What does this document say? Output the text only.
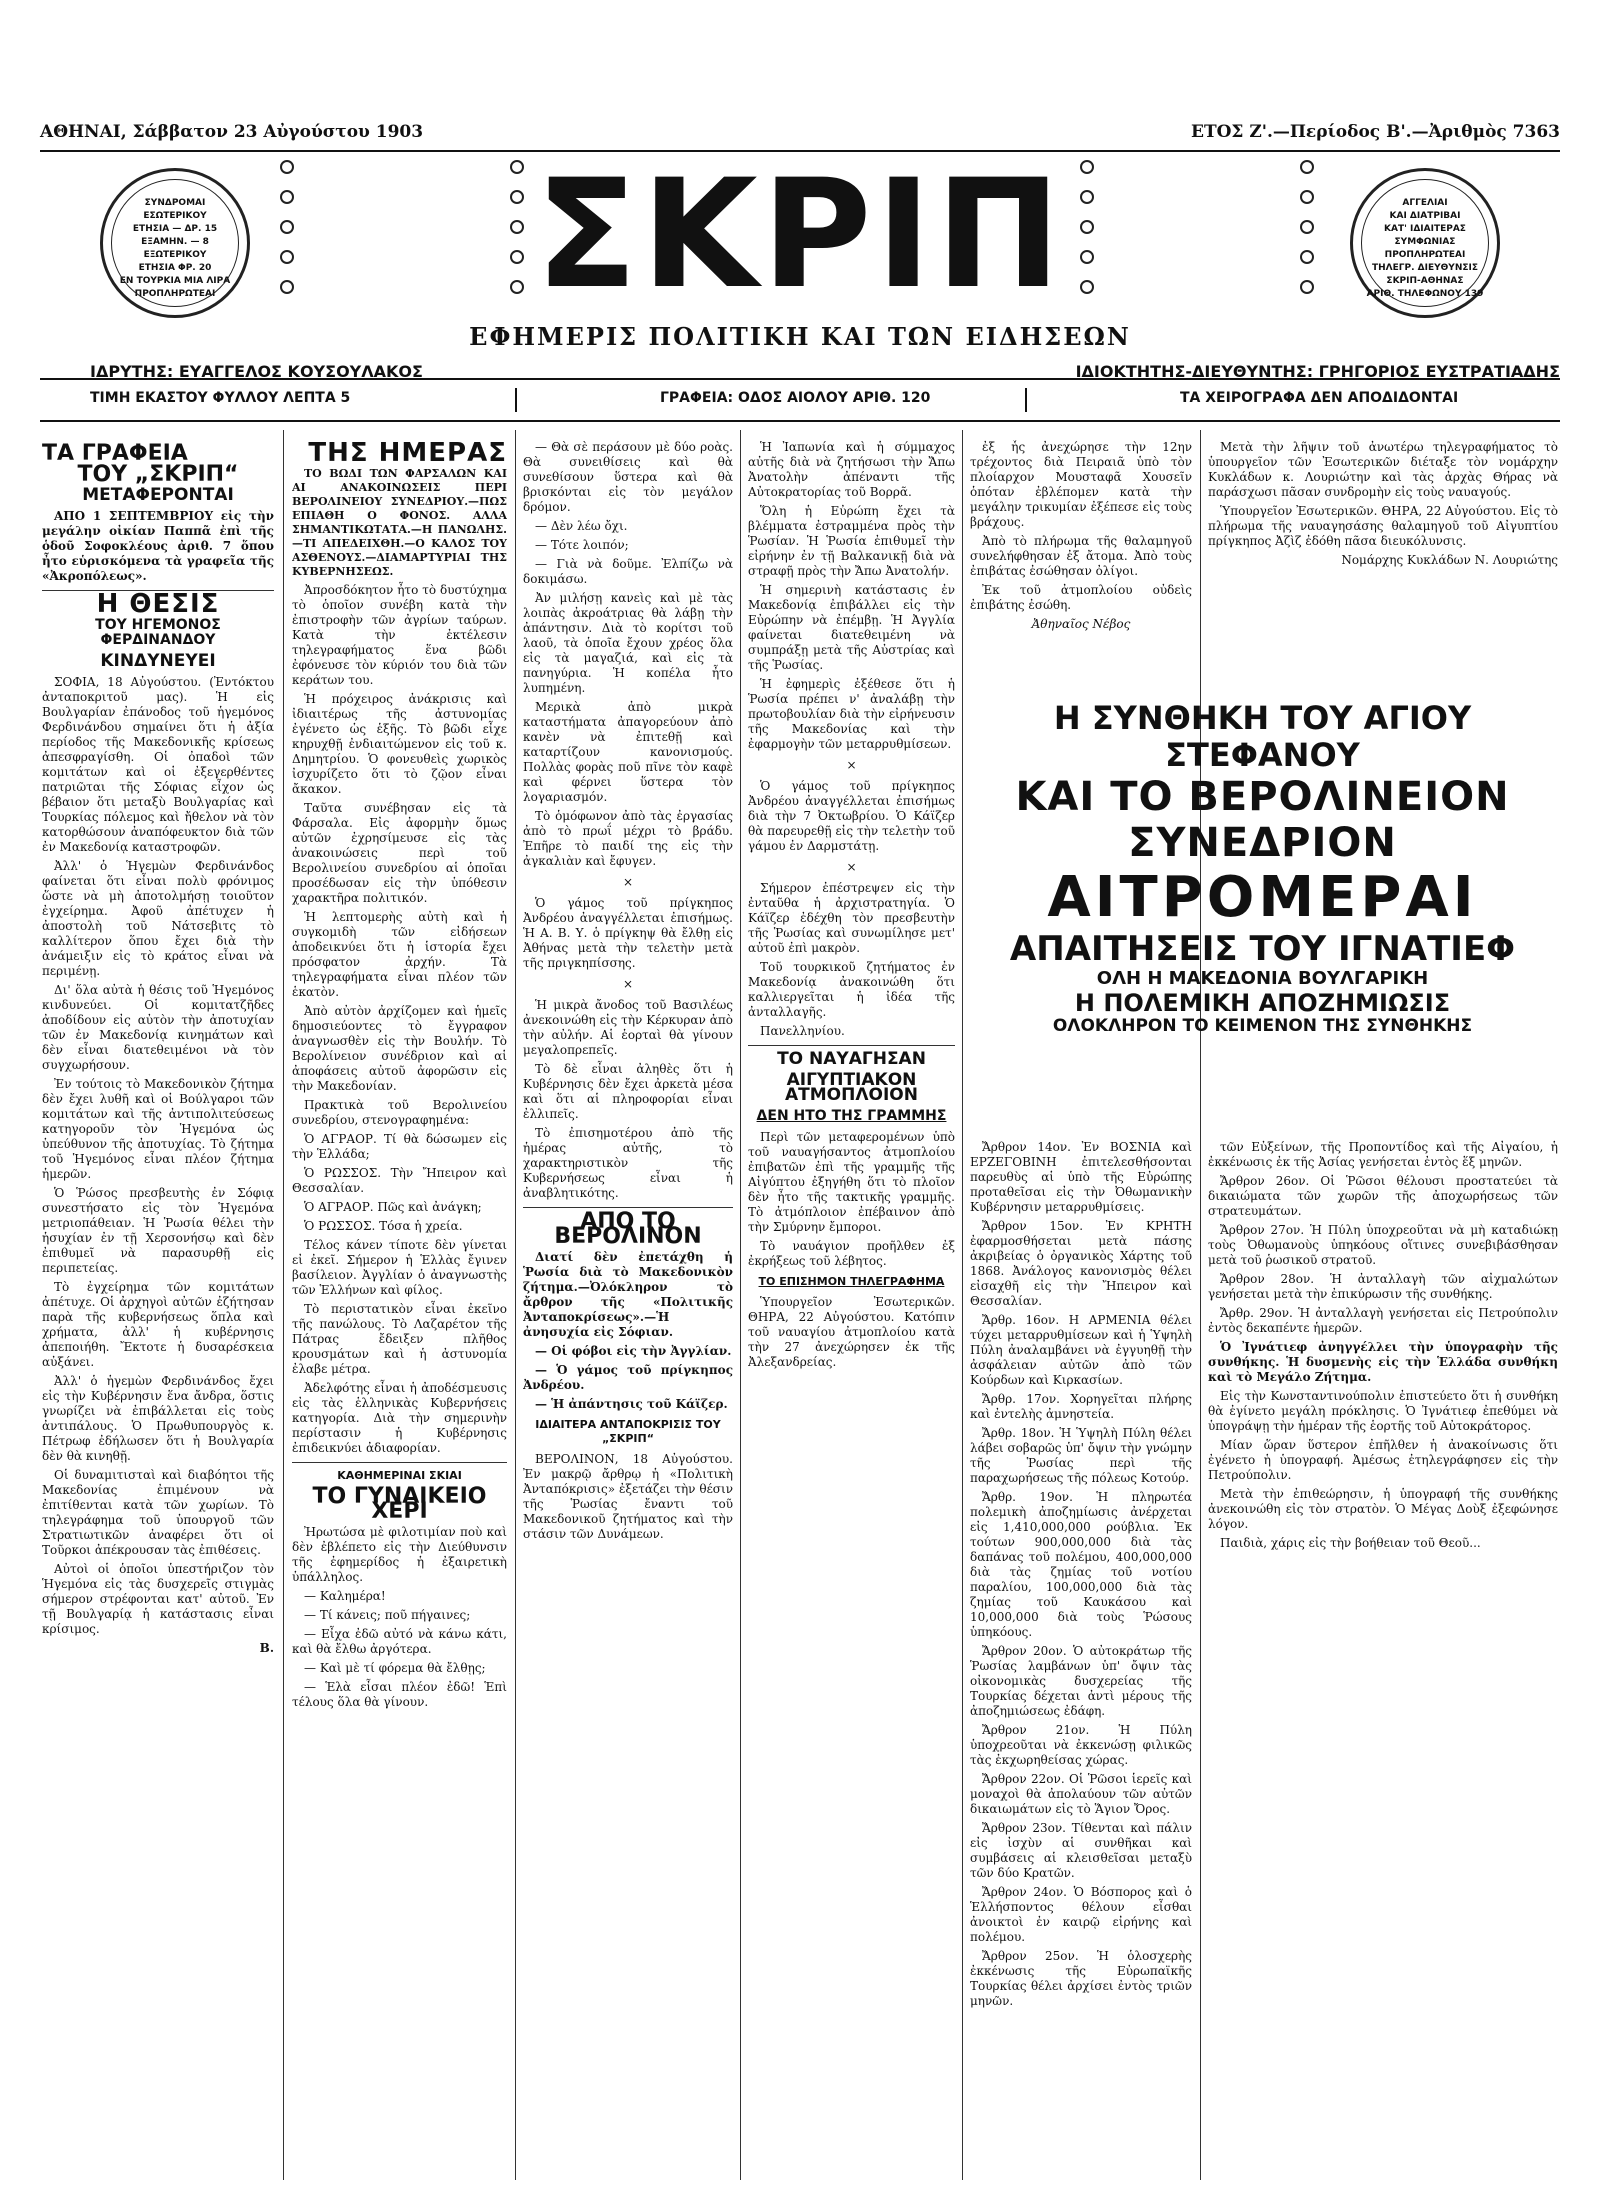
ΑΘΗΝΑΙ, Σάββατον 23 Αὐγούστου 1903	ΕΤΟΣ Ζ'.—Περίοδος Β'.—Ἀριθμὸς 7363
ΣΥΝΔΡΟΜΑΙ
ΕΣΩΤΕΡΙΚΟΥ
ΕΤΗΣΙΑ — ΔΡ. 15
ΕΞΑΜΗΝ. — 8
ΕΞΩΤΕΡΙΚΟΥ
ΕΤΗΣΙΑ ΦΡ. 20
ΕΝ ΤΟΥΡΚΙΑ ΜΙΑ ΛΙΡΑ
ΠΡΟΠΛΗΡΩΤΕΑΙ ΣΚΡΙΠ	ΑΓΓΕΛΙΑΙ
ΚΑΙ ΔΙΑΤΡΙΒΑΙ
ΚΑΤ' ΙΔΙΑΙΤΕΡΑΣ
ΣΥΜΦΩΝΙΑΣ
ΠΡΟΠΛΗΡΩΤΕΑΙ
ΤΗΛΕΓΡ. ΔΙΕΥΘΥΝΣΙΣ
ΣΚΡΙΠ-ΑΘΗΝΑΣ
ΑΡΙΘ. ΤΗΛΕΦΩΝΟΥ 139
ΕΦΗΜΕΡΙΣ ΠΟΛΙΤΙΚΗ ΚΑΙ ΤΩΝ ΕΙΔΗΣΕΩΝ
ΙΔΡΥΤΗΣ: ΕΥΑΓΓΕΛΟΣ ΚΟΥΣΟΥΛΑΚΟΣ	ΙΔΙΟΚΤΗΤΗΣ-ΔΙΕΥΘΥΝΤΗΣ: ΓΡΗΓΟΡΙΟΣ ΕΥΣΤΡΑΤΙΑΔΗΣ
ΤΙΜΗ ΕΚΑΣΤΟΥ ΦΥΛΛΟΥ ΛΕΠΤΑ 5	ΓΡΑΦΕΙΑ: ΟΔΟΣ ΑΙΟΛΟΥ ΑΡΙΘ. 120	ΤΑ ΧΕΙΡΟΓΡΑΦΑ ΔΕΝ ΑΠΟΔΙΔΟΝΤΑΙ
ΤΑ ΓΡΑΦΕΙΑ
ΤΟΥ „ΣΚΡΙΠ“
ΜΕΤΑΦΕΡΟΝΤΑΙ

ΑΠΟ 1 ΣΕΠΤΕΜΒΡΙΟΥ εἰς τὴν μεγάλην οἰκίαν Παππᾶ ἐπὶ τῆς ὁδοῦ Σοφοκλέους ἀριθ. 7 ὅπου ἦτο εὑρισκόμενα τὰ γραφεῖα τῆς «Ἀκροπόλεως».

Η ΘΕΣΙΣ
ΤΟΥ ΗΓΕΜΟΝΟΣ ΦΕΡΔΙΝΑΝΔΟΥ
ΚΙΝΔΥΝΕΥΕΙ

ΣΟΦΙΑ, 18 Αὐγούστου. (Ἐντόκτου ἀνταποκριτοῦ μας). Ἡ εἰς Βουλγαρίαν ἐπάνοδος τοῦ ἡγεμόνος Φερδινάνδου σημαίνει ὅτι ἡ ἀξία περίοδος τῆς Μακεδονικῆς κρίσεως ἀπεσφραγίσθη. Οἱ ὀπαδοὶ τῶν κομιτάτων καὶ οἱ ἐξεγερθέντες πατριῶται τῆς Σόφιας εἶχον ὡς βέβαιον ὅτι μεταξὺ Βουλγαρίας καὶ Τουρκίας πόλεμος καὶ ἤθελον νὰ τὸν κατορθώσουν ἀναπόφευκτον διὰ τῶν ἐν Μακεδονίᾳ καταστροφῶν.

Ἀλλ' ὁ Ἡγεμὼν Φερδινάνδος φαίνεται ὅτι εἶναι πολὺ φρόνιμος ὥστε νὰ μὴ ἀποτολμήσῃ τοιοῦτον ἐγχείρημα. Ἀφοῦ ἀπέτυχεν ἡ ἀποστολὴ τοῦ Νάτσεβιτς τὸ καλλίτερον ὅπου ἔχει διὰ τὴν ἀνάμειξιν εἰς τὸ κράτος εἶναι νὰ περιμένῃ.

Δι' ὅλα αὐτὰ ἡ θέσις τοῦ Ἡγεμόνος κινδυνεύει. Οἱ κομιτατζῆδες ἀποδίδουν εἰς αὐτὸν τὴν ἀποτυχίαν τῶν ἐν Μακεδονίᾳ κινημάτων καὶ δὲν εἶναι διατεθειμένοι νὰ τὸν συγχωρήσουν.

Ἐν τούτοις τὸ Μακεδονικὸν ζήτημα δὲν ἔχει λυθῆ καὶ οἱ Βούλγαροι τῶν κομιτάτων καὶ τῆς ἀντιπολιτεύσεως κατηγοροῦν τὸν Ἡγεμόνα ὡς ὑπεύθυνον τῆς ἀποτυχίας. Τὸ ζήτημα τοῦ Ἡγεμόνος εἶναι πλέον ζήτημα ἡμερῶν.

Ὁ Ῥώσος πρεσβευτὴς ἐν Σόφιᾳ συνεστήσατο εἰς τὸν Ἡγεμόνα μετριοπάθειαν. Ἡ Ῥωσία θέλει τὴν ἡσυχίαν ἐν τῇ Χερσονήσῳ καὶ δὲν ἐπιθυμεῖ νὰ παρασυρθῇ εἰς περιπετείας.

Τὸ ἐγχείρημα τῶν κομιτάτων ἀπέτυχε. Οἱ ἀρχηγοὶ αὐτῶν ἐζήτησαν παρὰ τῆς κυβερνήσεως ὅπλα καὶ χρήματα, ἀλλ' ἡ κυβέρνησις ἀπεποιήθη. Ἔκτοτε ἡ δυσαρέσκεια αὐξάνει.

Ἀλλ' ὁ ἡγεμὼν Φερδινάνδος ἔχει εἰς τὴν Κυβέρνησιν ἕνα ἄνδρα, ὅστις γνωρίζει νὰ ἐπιβάλλεται εἰς τοὺς ἀντιπάλους. Ὁ Πρωθυπουργὸς κ. Πέτρωφ ἐδήλωσεν ὅτι ἡ Βουλγαρία δὲν θὰ κινηθῇ.

Οἱ δυναμιτισταὶ καὶ διαβόητοι τῆς Μακεδονίας ἐπιμένουν νὰ ἐπιτίθενται κατὰ τῶν χωρίων. Τὸ τηλεγράφημα τοῦ ὑπουργοῦ τῶν Στρατιωτικῶν ἀναφέρει ὅτι οἱ Τοῦρκοι ἀπέκρουσαν τὰς ἐπιθέσεις.

Αὐτοὶ οἱ ὁποῖοι ὑπεστήριζον τὸν Ἡγεμόνα εἰς τὰς δυσχερεῖς στιγμὰς σήμερον στρέφονται κατ' αὐτοῦ. Ἐν τῇ Βουλγαρίᾳ ἡ κατάστασις εἶναι κρίσιμος.

Β.
ΤΗΣ ΗΜΕΡΑΣ

ΤΟ ΒΩΔΙ ΤΩΝ ΦΑΡΣΑΛΩΝ ΚΑΙ ΑΙ ΑΝΑΚΟΙΝΩΣΕΙΣ ΠΕΡΙ ΒΕΡΟΛΙΝΕΙΟΥ ΣΥΝΕΔΡΙΟΥ.—ΠΩΣ ΕΠΙΑΘΗ Ο ΦΟΝΟΣ. ΑΛΛΑ ΣΗΜΑΝΤΙΚΩΤΑΤΑ.—Η ΠΑΝΩΛΗΣ.—ΤΙ ΑΠΕΔΕΙΧΘΗ.—Ο ΚΑΛΟΣ ΤΟΥ ΑΣΘΕΝΟΥΣ.—ΔΙΑΜΑΡΤΥΡΙΑΙ ΤΗΣ ΚΥΒΕΡΝΗΣΕΩΣ.

Ἀπροσδόκητον ἦτο τὸ δυστύχημα τὸ ὁποῖον συνέβη κατὰ τὴν ἐπιστροφὴν τῶν ἀγρίων ταύρων. Κατὰ τὴν ἐκτέλεσιν τηλεγραφήματος ἕνα βῶδι ἐφόνευσε τὸν κύριόν του διὰ τῶν κεράτων του.

Ἡ πρόχειρος ἀνάκρισις καὶ ἰδιαιτέρως τῆς ἀστυνομίας ἐγένετο ὡς ἑξῆς. Τὸ βῶδι εἶχε κηρυχθῇ ἐνδιαιτώμενον εἰς τοῦ κ. Δημητρίου. Ὁ φονευθεὶς χωρικὸς ἰσχυρίζετο ὅτι τὸ ζῷον εἶναι ἄκακον.

Ταῦτα συνέβησαν εἰς τὰ Φάρσαλα. Εἰς ἀφορμὴν ὅμως αὐτῶν ἐχρησίμευσε εἰς τὰς ἀνακοινώσεις περὶ τοῦ Βερολινείου συνεδρίου αἱ ὁποῖαι προσέδωσαν εἰς τὴν ὑπόθεσιν χαρακτῆρα πολιτικόν.

Ἡ λεπτομερὴς αὐτὴ καὶ ἡ συγκομιδὴ τῶν εἰδήσεων ἀποδεικνύει ὅτι ἡ ἱστορία ἔχει πρόσφατον ἀρχήν. Τὰ τηλεγραφήματα εἶναι πλέον τῶν ἑκατὸν.

Ἀπὸ αὐτὸν ἀρχίζομεν καὶ ἡμεῖς δημοσιεύοντες τὸ ἔγγραφον ἀναγνωσθὲν εἰς τὴν Βουλήν. Τὸ Βερολίνειον συνέδριον καὶ αἱ ἀποφάσεις αὐτοῦ ἀφορῶσιν εἰς τὴν Μακεδονίαν.

Πρακτικὰ τοῦ Βερολινείου συνεδρίου, στενογραφημένα:

Ὁ ΑΓΡΑΟΡ. Τί θὰ δώσωμεν εἰς τὴν Ἑλλάδα;

Ὁ ΡΩΣΣΟΣ. Τὴν Ἤπειρον καὶ Θεσσαλίαν.

Ὁ ΑΓΡΑΟΡ. Πῶς καὶ ἀνάγκη;

Ὁ ΡΩΣΣΟΣ. Τόσα ἡ χρεία.

Τέλος κάνεν τίποτε δὲν γίνεται εἰ ἐκεῖ. Σήμερον ἡ Ἑλλὰς ἔγινεν βασίλειον. Ἀγγλίαν ὁ ἀναγνωστὴς τῶν Ἑλλήνων καὶ φίλος.

Τὸ περιστατικὸν εἶναι ἐκεῖνο τῆς πανώλους. Τὸ Λαζαρέτον τῆς Πάτρας ἔδειξεν πλῆθος κρουσμάτων καὶ ἡ ἀστυνομία ἐλαβε μέτρα.

Ἀδελφότης εἶναι ἡ ἀποδέσμευσις εἰς τὰς ἑλληνικὰς Κυβερνήσεις κατηγορία. Διὰ τὴν σημερινὴν περίστασιν ἡ Κυβέρνησις ἐπιδεικνύει ἀδιαφορίαν.

ΚΑΘΗΜΕΡΙΝΑΙ ΣΚΙΑΙ
ΤΟ ΓΥΝΑΙΚΕΙΟ ΧΕΡΙ

Ἠρωτώσα μὲ φιλοτιμίαν ποὺ καὶ δὲν ἐβλέπετο εἰς τὴν Διεύθυνσιν τῆς ἐφημερίδος ἡ ἐξαιρετικὴ ὑπάλληλος.

— Καλημέρα!

— Τί κάνεις; ποῦ πήγαινες;

— Εἶχα ἐδῶ αὐτό νὰ κάνω κάτι, καὶ θὰ ἔλθω ἀργότερα.

— Καὶ μὲ τί φόρεμα θὰ ἔλθῃς;

— Ἑλὰ εἶσαι πλέον ἐδῶ! Ἑπὶ τέλους ὅλα θὰ γίνουν.

— Θὰ σὲ περάσουν μὲ δύο ροὰς. Θὰ συνειθίσεις καὶ θὰ συνεθίσουν ὕστερα καὶ θὰ βρισκόνται εἰς τὸν μεγάλον δρόμον.

— Δὲν λέω ὄχι.

— Τότε λοιπόν;

— Γιὰ νὰ δοῦμε. Ἐλπίζω νὰ δοκιμάσω.

Ἀν μιλήσῃ κανεὶς καὶ μὲ τὰς λοιπὰς ἀκροάτριας θὰ λάβῃ τὴν ἀπάντησιν. Διὰ τὸ κορίτσι τοῦ λαοῦ, τὰ ὁποῖα ἔχουν χρέος ὅλα εἰς τὰ μαγαζιά, καὶ εἰς τὰ πανηγύρια. Ἡ κοπέλα ἦτο λυπημένη.

Μερικὰ ἀπὸ μικρὰ καταστήματα ἀπαγορεύουν ἀπὸ κανὲν νὰ ἐπιτεθῇ καὶ καταρτίζουν κανονισμούς. Πολλὰς φορὰς ποῦ πῖνε τὸν καφὲ καὶ φέρνει ὕστερα τὸν λογαριασμόν.

Τὸ ὁμόφωνον ἀπὸ τὰς ἐργασίας ἀπὸ τὸ πρωΐ μέχρι τὸ βράδυ. Ἐπῆρε τὸ παιδί της εἰς τὴν ἀγκαλιὰν καὶ ἔφυγεν.

×

Ὁ γάμος τοῦ πρίγκηπος Ἀνδρέου ἀναγγέλλεται ἐπισήμως. Ἡ Α. Β. Υ. ὁ πρίγκηψ θὰ ἔλθῃ εἰς Ἀθήνας μετὰ τὴν τελετὴν μετὰ τῆς πριγκηπίσσης.

×

Ἡ μικρὰ ἄνοδος τοῦ Βασιλέως ἀνεκοινώθη εἰς τὴν Κέρκυραν ἀπὸ τὴν αὐλήν. Αἱ ἑορταὶ θὰ γίνουν μεγαλοπρεπεῖς.

Τὸ δὲ εἶναι ἀληθὲς ὅτι ἡ Κυβέρνησις δὲν ἔχει ἀρκετὰ μέσα καὶ ὅτι αἱ πληροφορίαι εἶναι ἐλλιπεῖς.

Τὸ ἐπισημοτέρου ἀπὸ τῆς ἡμέρας αὐτῆς, τὸ χαρακτηριστικὸν τῆς Κυβερνήσεως εἶναι ἡ ἀναβλητικότης.

ΑΠΟ ΤΟ ΒΕΡΟΛΙΝΟΝ

Διατί δὲν ἐπετάχθη ἡ Ῥωσία διὰ τὸ Μακεδονικὸν ζήτημα.—Ὀλόκληρον τὸ ἄρθρον τῆς «Πολιτικῆς Ἀνταποκρίσεως».—Ἡ ἀνησυχία εἰς Σόφιαν.

— Οἱ φόβοι εἰς τὴν Ἀγγλίαν.

— Ὁ γάμος τοῦ πρίγκηπος Ἀνδρέου.

— Ἡ ἀπάντησις τοῦ Κάϊζερ.

ΙΔΙΑΙΤΕΡΑ ΑΝΤΑΠΟΚΡΙΣΙΣ ΤΟΥ „ΣΚΡΙΠ“

ΒΕΡΟΛΙΝΟΝ, 18 Αὐγούστου. Ἐν μακρῷ ἄρθρῳ ἡ «Πολιτικὴ Ἀνταπόκρισις» ἐξετάζει τὴν θέσιν τῆς Ῥωσίας ἔναντι τοῦ Μακεδονικοῦ ζητήματος καὶ τὴν στάσιν τῶν Δυνάμεων.

Ἡ Ἰαπωνία καὶ ἡ σύμμαχος αὐτῆς διὰ νὰ ζητήσωσι τὴν Ἄπω Ἀνατολὴν ἀπέναντι τῆς Αὐτοκρατορίας τοῦ Βορρᾶ.

Ὅλη ἡ Εὐρώπη ἔχει τὰ βλέμματα ἐστραμμένα πρὸς τὴν Ῥωσίαν. Ἡ Ῥωσία ἐπιθυμεῖ τὴν εἰρήνην ἐν τῇ Βαλκανικῇ διὰ νὰ στραφῇ πρὸς τὴν Ἄπω Ἀνατολήν.

Ἡ σημερινὴ κατάστασις ἐν Μακεδονίᾳ ἐπιβάλλει εἰς τὴν Εὐρώπην νὰ ἐπέμβῃ. Ἡ Ἀγγλία φαίνεται διατεθειμένη νὰ συμπράξῃ μετὰ τῆς Αὐστρίας καὶ τῆς Ῥωσίας.

Ἡ ἐφημερὶς ἐξέθεσε ὅτι ἡ Ῥωσία πρέπει ν' ἀναλάβῃ τὴν πρωτοβουλίαν διὰ τὴν εἰρήνευσιν τῆς Μακεδονίας καὶ τὴν ἐφαρμογὴν τῶν μεταρρυθμίσεων.

×

Ὁ γάμος τοῦ πρίγκηπος Ἀνδρέου ἀναγγέλλεται ἐπισήμως διὰ τὴν 7 Ὀκτωβρίου. Ὁ Κάϊζερ θὰ παρευρεθῇ εἰς τὴν τελετὴν τοῦ γάμου ἐν Δαρμστάτῃ.

×

Σήμερον ἐπέστρεψεν εἰς τὴν ἐνταῦθα ἡ ἀρχιστρατηγία. Ὁ Κάϊζερ ἐδέχθη τὸν πρεσβευτὴν τῆς Ῥωσίας καὶ συνωμίλησε μετ' αὐτοῦ ἐπὶ μακρὸν.

Τοῦ τουρκικοῦ ζητήματος ἐν Μακεδονίᾳ ἀνακοινώθη ὅτι καλλιεργεῖται ἡ ἰδέα τῆς ἀνταλλαγῆς.

Πανελληνίου.

ΤΟ ΝΑΥΑΓΗΣΑΝ
ΑΙΓΥΠΤΙΑΚΟΝ ΑΤΜΟΠΛΟΙΟΝ
ΔΕΝ ΗΤΟ ΤΗΣ ΓΡΑΜΜΗΣ

Περὶ τῶν μεταφερομένων ὑπὸ τοῦ ναυαγήσαντος ἀτμοπλοίου ἐπιβατῶν ἐπὶ τῆς γραμμῆς τῆς Αἰγύπτου ἐξηγήθη ὅτι τὸ πλοῖον δὲν ἦτο τῆς τακτικῆς γραμμῆς. Τὸ ἀτμόπλοιον ἐπέβαινον ἀπὸ τὴν Σμύρνην ἔμποροι.

Τὸ ναυάγιον προῆλθεν ἐξ ἐκρήξεως τοῦ λέβητος.

ΤΟ ΕΠΙΣΗΜΟΝ ΤΗΛΕΓΡΑΦΗΜΑ

Ὑπουργεῖον Ἐσωτερικῶν. ΘΗΡΑ, 22 Αὐγούστου. Κατόπιν τοῦ ναυαγίου ἀτμοπλοίου κατὰ τὴν 27 ἀνεχώρησεν ἐκ τῆς Ἀλεξανδρείας.

ἐξ ἧς ἀνεχώρησε τὴν 12ην τρέχοντος διὰ Πειραιᾶ ὑπὸ τὸν πλοίαρχον Μουσταφᾶ Χουσεῖν ὁπόταν ἐβλέπομεν κατὰ τὴν μεγάλην τρικυμίαν ἐξέπεσε εἰς τοὺς βράχους.

Ἀπὸ τὸ πλήρωμα τῆς θαλαμηγοῦ συνελήφθησαν ἐξ ἄτομα. Ἀπὸ τοὺς ἐπιβάτας ἐσώθησαν ὀλίγοι.

Ἐκ τοῦ ἀτμοπλοίου οὐδεὶς ἐπιβάτης ἐσώθη.

Ἀθηναῖος Νέβος

Μετὰ τὴν λῆψιν τοῦ ἀνωτέρω τηλεγραφήματος τὸ ὑπουργεῖον τῶν Ἐσωτερικῶν διέταξε τὸν νομάρχην Κυκλάδων κ. Λουριώτην καὶ τὰς ἀρχὰς Θήρας νὰ παράσχωσι πᾶσαν συνδρομὴν εἰς τοὺς ναυαγούς.

Ὑπουργεῖον Ἐσωτερικῶν. ΘΗΡΑ, 22 Αὐγούστου. Εἰς τὸ πλήρωμα τῆς ναυαγησάσης θαλαμηγοῦ τοῦ Αἰγυπτίου πρίγκηπος Ἀζὶζ ἐδόθη πᾶσα διευκόλυνσις.

Νομάρχης Κυκλάδων Ν. Λουριώτης
Η ΣΥΝΘΗΚΗ ΤΟΥ ΑΓΙΟΥ ΣΤΕΦΑΝΟΥ
ΚΑΙ ΤΟ ΒΕΡΟΛΙΝΕΙΟΝ ΣΥΝΕΔΡΙΟΝ
ΑΙΤΡΟΜΕΡΑΙ
ΑΠΑΙΤΗΣΕΙΣ ΤΟΥ ΙΓΝΑΤΙΕΦ
ΟΛΗ Η ΜΑΚΕΔΟΝΙΑ ΒΟΥΛΓΑΡΙΚΗ
Η ΠΟΛΕΜΙΚΗ ΑΠΟΖΗΜΙΩΣΙΣ
ΟΛΟΚΛΗΡΟΝ ΤΟ ΚΕΙΜΕΝΟΝ ΤΗΣ ΣΥΝΘΗΚΗΣ

Ἄρθρον 14ον. Ἐν ΒΟΣΝΙΑ καὶ ΕΡΖΕΓΟΒΙΝΗ ἐπιτελεσθήσονται παρευθὺς αἱ ὑπὸ τῆς Εὐρώπης προταθεῖσαι εἰς τὴν Ὀθωμανικὴν Κυβέρνησιν μεταρρυθμίσεις.

Ἄρθρον 15ον. Ἐν ΚΡΗΤΗ ἐφαρμοσθήσεται μετὰ πάσης ἀκριβείας ὁ ὀργανικὸς Χάρτης τοῦ 1868. Ἀνάλογος κανονισμὸς θέλει εἰσαχθῆ εἰς τὴν Ἤπειρον καὶ Θεσσαλίαν.

Ἄρθρ. 16ον. Η ΑΡΜΕΝΙΑ θέλει τύχει μεταρρυθμίσεων καὶ ἡ Ὑψηλὴ Πύλη ἀναλαμβάνει νὰ ἐγγυηθῇ τὴν ἀσφάλειαν αὐτῶν ἀπὸ τῶν Κούρδων καὶ Κιρκασίων.

Ἄρθρ. 17ον. Χορηγεῖται πλήρης καὶ ἐντελὴς ἀμνηστεία.

Ἄρθρ. 18ον. Ἡ Ὑψηλὴ Πύλη θέλει λάβει σοβαρῶς ὑπ' ὄψιν τὴν γνώμην τῆς Ῥωσίας περὶ τῆς παραχωρήσεως τῆς πόλεως Κοτούρ.

Ἄρθρ. 19ον. Ἡ πληρωτέα πολεμικὴ ἀποζημίωσις ἀνέρχεται εἰς 1,410,000,000 ρούβλια. Ἐκ τούτων 900,000,000 διὰ τὰς δαπάνας τοῦ πολέμου, 400,000,000 διὰ τὰς ζημίας τοῦ νοτίου παραλίου, 100,000,000 διὰ τὰς ζημίας τοῦ Καυκάσου καὶ 10,000,000 διὰ τοὺς Ῥώσους ὑπηκόους.

Ἄρθρον 20ον. Ὁ αὐτοκράτωρ τῆς Ῥωσίας λαμβάνων ὑπ' ὄψιν τὰς οἰκονομικὰς δυσχερείας τῆς Τουρκίας δέχεται ἀντὶ μέρους τῆς ἀποζημιώσεως ἐδάφη.

Ἄρθρον 21ον. Ἡ Πύλη ὑποχρεοῦται νὰ ἐκκενώσῃ φιλικῶς τὰς ἐκχωρηθείσας χώρας.

Ἄρθρον 22ον. Οἱ Ῥῶσοι ἱερεῖς καὶ μοναχοὶ θὰ ἀπολαύουν τῶν αὐτῶν δικαιωμάτων εἰς τὸ Ἅγιον Ὄρος.

Ἄρθρον 23ον. Τίθενται καὶ πάλιν εἰς ἰσχὺν αἱ συνθῆκαι καὶ συμβάσεις αἱ κλεισθεῖσαι μεταξὺ τῶν δύο Κρατῶν.

Ἄρθρον 24ον. Ὁ Βόσπορος καὶ ὁ Ἑλλήσποντος θέλουν εἶσθαι ἀνοικτοὶ ἐν καιρῷ εἰρήνης καὶ πολέμου.

Ἄρθρον 25ον. Ἡ ὁλοσχερὴς ἐκκένωσις τῆς Εὐρωπαϊκῆς Τουρκίας θέλει ἀρχίσει ἐντὸς τριῶν μηνῶν.

τῶν Εὐξείνων, τῆς Προποντίδος καὶ τῆς Αἰγαίου, ἡ ἐκκένωσις ἐκ τῆς Ἀσίας γενήσεται ἐντὸς ἕξ μηνῶν.

Ἄρθρον 26ον. Οἱ Ῥῶσοι θέλουσι προστατεύει τὰ δικαιώματα τῶν χωρῶν τῆς ἀποχωρήσεως τῶν στρατευμάτων.

Ἄρθρον 27ον. Ἡ Πύλη ὑποχρεοῦται νὰ μὴ καταδιώκῃ τοὺς Ὀθωμανοὺς ὑπηκόους οἵτινες συνεβιβάσθησαν μετὰ τοῦ ῥωσικοῦ στρατοῦ.

Ἄρθρον 28ον. Ἡ ἀνταλλαγὴ τῶν αἰχμαλώτων γενήσεται μετὰ τὴν ἐπικύρωσιν τῆς συνθήκης.

Ἄρθρ. 29ον. Ἡ ἀνταλλαγὴ γενήσεται εἰς Πετρούπολιν ἐντὸς δεκαπέντε ἡμερῶν.

Ὁ Ἰγνάτιεφ ἀνηγγέλλει τὴν ὑπογραφὴν τῆς συνθήκης. Ἡ δυσμενὴς εἰς τὴν Ἑλλάδα συνθήκη καὶ τὸ Μεγάλο Ζήτημα.

Εἰς τὴν Κωνσταντινούπολιν ἐπιστεύετο ὅτι ἡ συνθήκη θὰ ἐγίνετο μεγάλη πρόκλησις. Ὁ Ἰγνάτιεφ ἐπεθύμει νὰ ὑπογράψῃ τὴν ἡμέραν τῆς ἑορτῆς τοῦ Αὐτοκράτορος.

Μίαν ὥραν ὕστερον ἐπῆλθεν ἡ ἀνακοίνωσις ὅτι ἐγένετο ἡ ὑπογραφή. Ἀμέσως ἐτηλεγράφησεν εἰς τὴν Πετρούπολιν.

Μετὰ τὴν ἐπιθεώρησιν, ἡ ὑπογραφή τῆς συνθήκης ἀνεκοινώθη εἰς τὸν στρατὸν. Ὁ Μέγας Δοὺξ ἐξεφώνησε λόγον.

Παιδιὰ, χάρις εἰς τὴν βοήθειαν τοῦ Θεοῦ...
